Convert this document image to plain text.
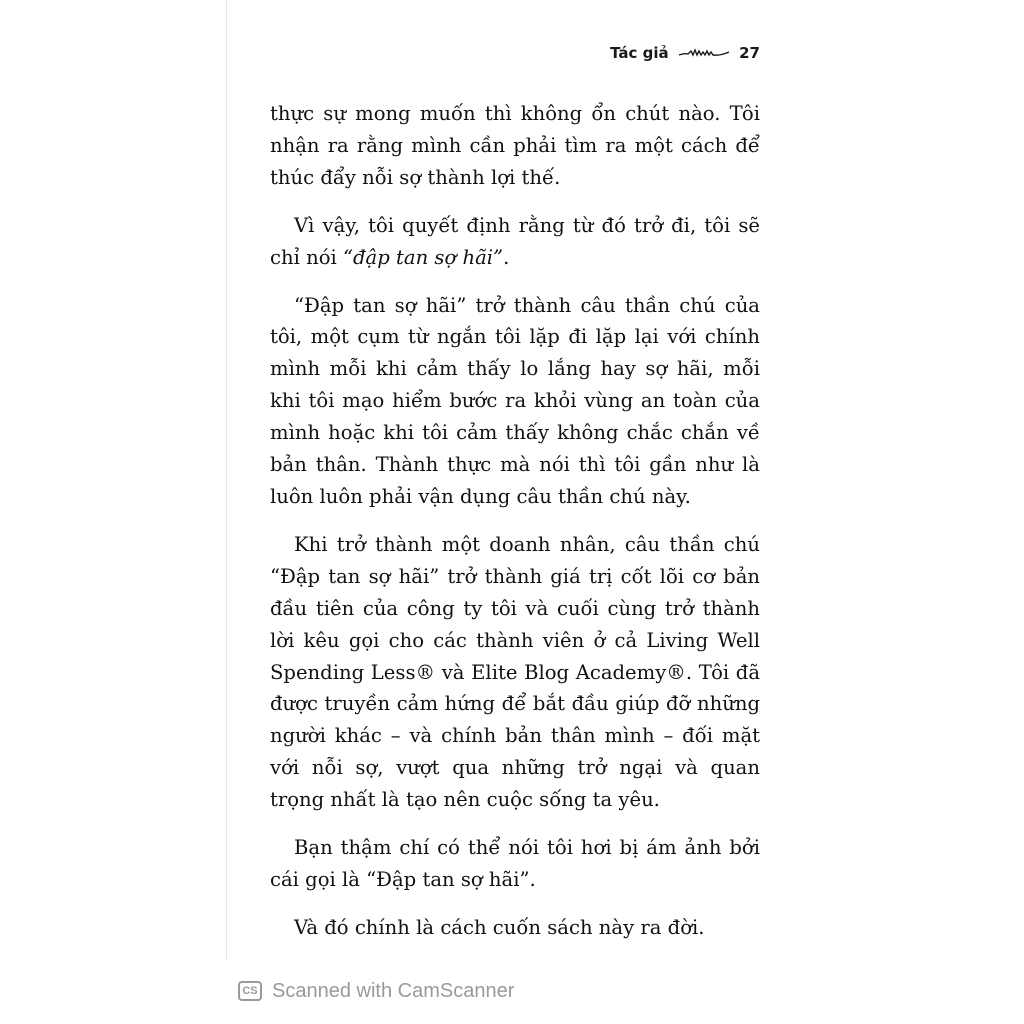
Tác giả	27

thực sự mong muốn thì không ổn chút nào. Tôi nhận ra rằng mình cần phải tìm ra một cách để thúc đẩy nỗi sợ thành lợi thế.

Vì vậy, tôi quyết định rằng từ đó trở đi, tôi sẽ chỉ nói “đập tan sợ hãi”.

“Đập tan sợ hãi” trở thành câu thần chú của tôi, một cụm từ ngắn tôi lặp đi lặp lại với chính mình mỗi khi cảm thấy lo lắng hay sợ hãi, mỗi khi tôi mạo hiểm bước ra khỏi vùng an toàn của mình hoặc khi tôi cảm thấy không chắc chắn về bản thân. Thành thực mà nói thì tôi gần như là luôn luôn phải vận dụng câu thần chú này.

Khi trở thành một doanh nhân, câu thần chú “Đập tan sợ hãi” trở thành giá trị cốt lõi cơ bản đầu tiên của công ty tôi và cuối cùng trở thành lời kêu gọi cho các thành viên ở cả Living Well Spending Less® và Elite Blog Academy®. Tôi đã được truyền cảm hứng để bắt đầu giúp đỡ những người khác – và chính bản thân mình – đối mặt với nỗi sợ, vượt qua những trở ngại và quan trọng nhất là tạo nên cuộc sống ta yêu.

Bạn thậm chí có thể nói tôi hơi bị ám ảnh bởi cái gọi là “Đập tan sợ hãi”.

Và đó chính là cách cuốn sách này ra đời.

CS Scanned with CamScanner
